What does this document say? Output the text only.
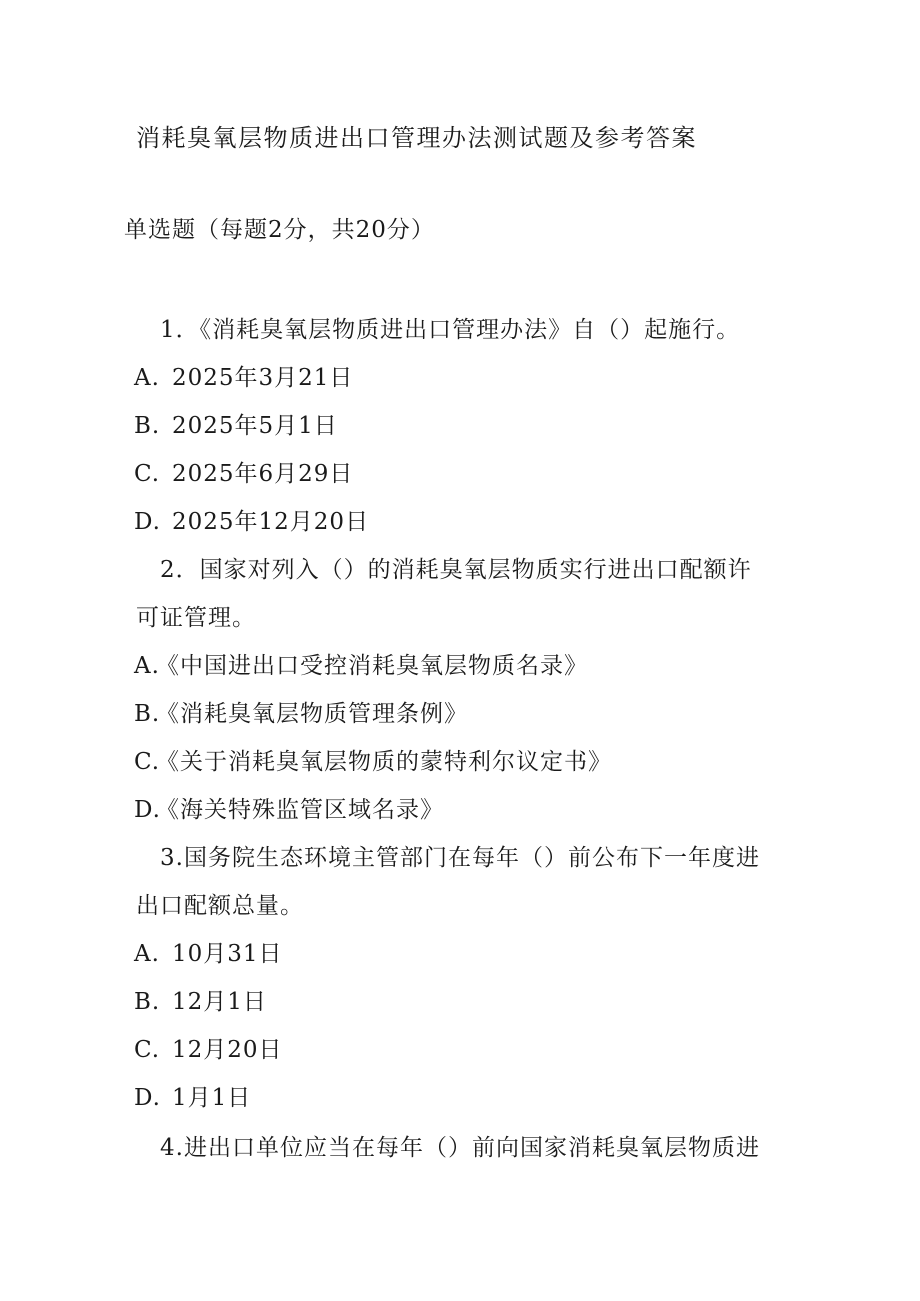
消耗臭氧层物质进出口管理办法测试题及参考答案
单选题（每题2分，共20分）
1．《消耗臭氧层物质进出口管理办法》自（）起施行。
A. 2025年3月21日
B. 2025年5月1日
C. 2025年6月29日
D. 2025年12月20日
2．国家对列入（）的消耗臭氧层物质实行进出口配额许
可证管理。
A.《中国进出口受控消耗臭氧层物质名录》
B.《消耗臭氧层物质管理条例》
C.《关于消耗臭氧层物质的蒙特利尔议定书》
D.《海关特殊监管区域名录》
3.国务院生态环境主管部门在每年（）前公布下一年度进
出口配额总量。
A. 10月31日
B. 12月1日
C. 12月20日
D. 1月1日
4.进出口单位应当在每年（）前向国家消耗臭氧层物质进
